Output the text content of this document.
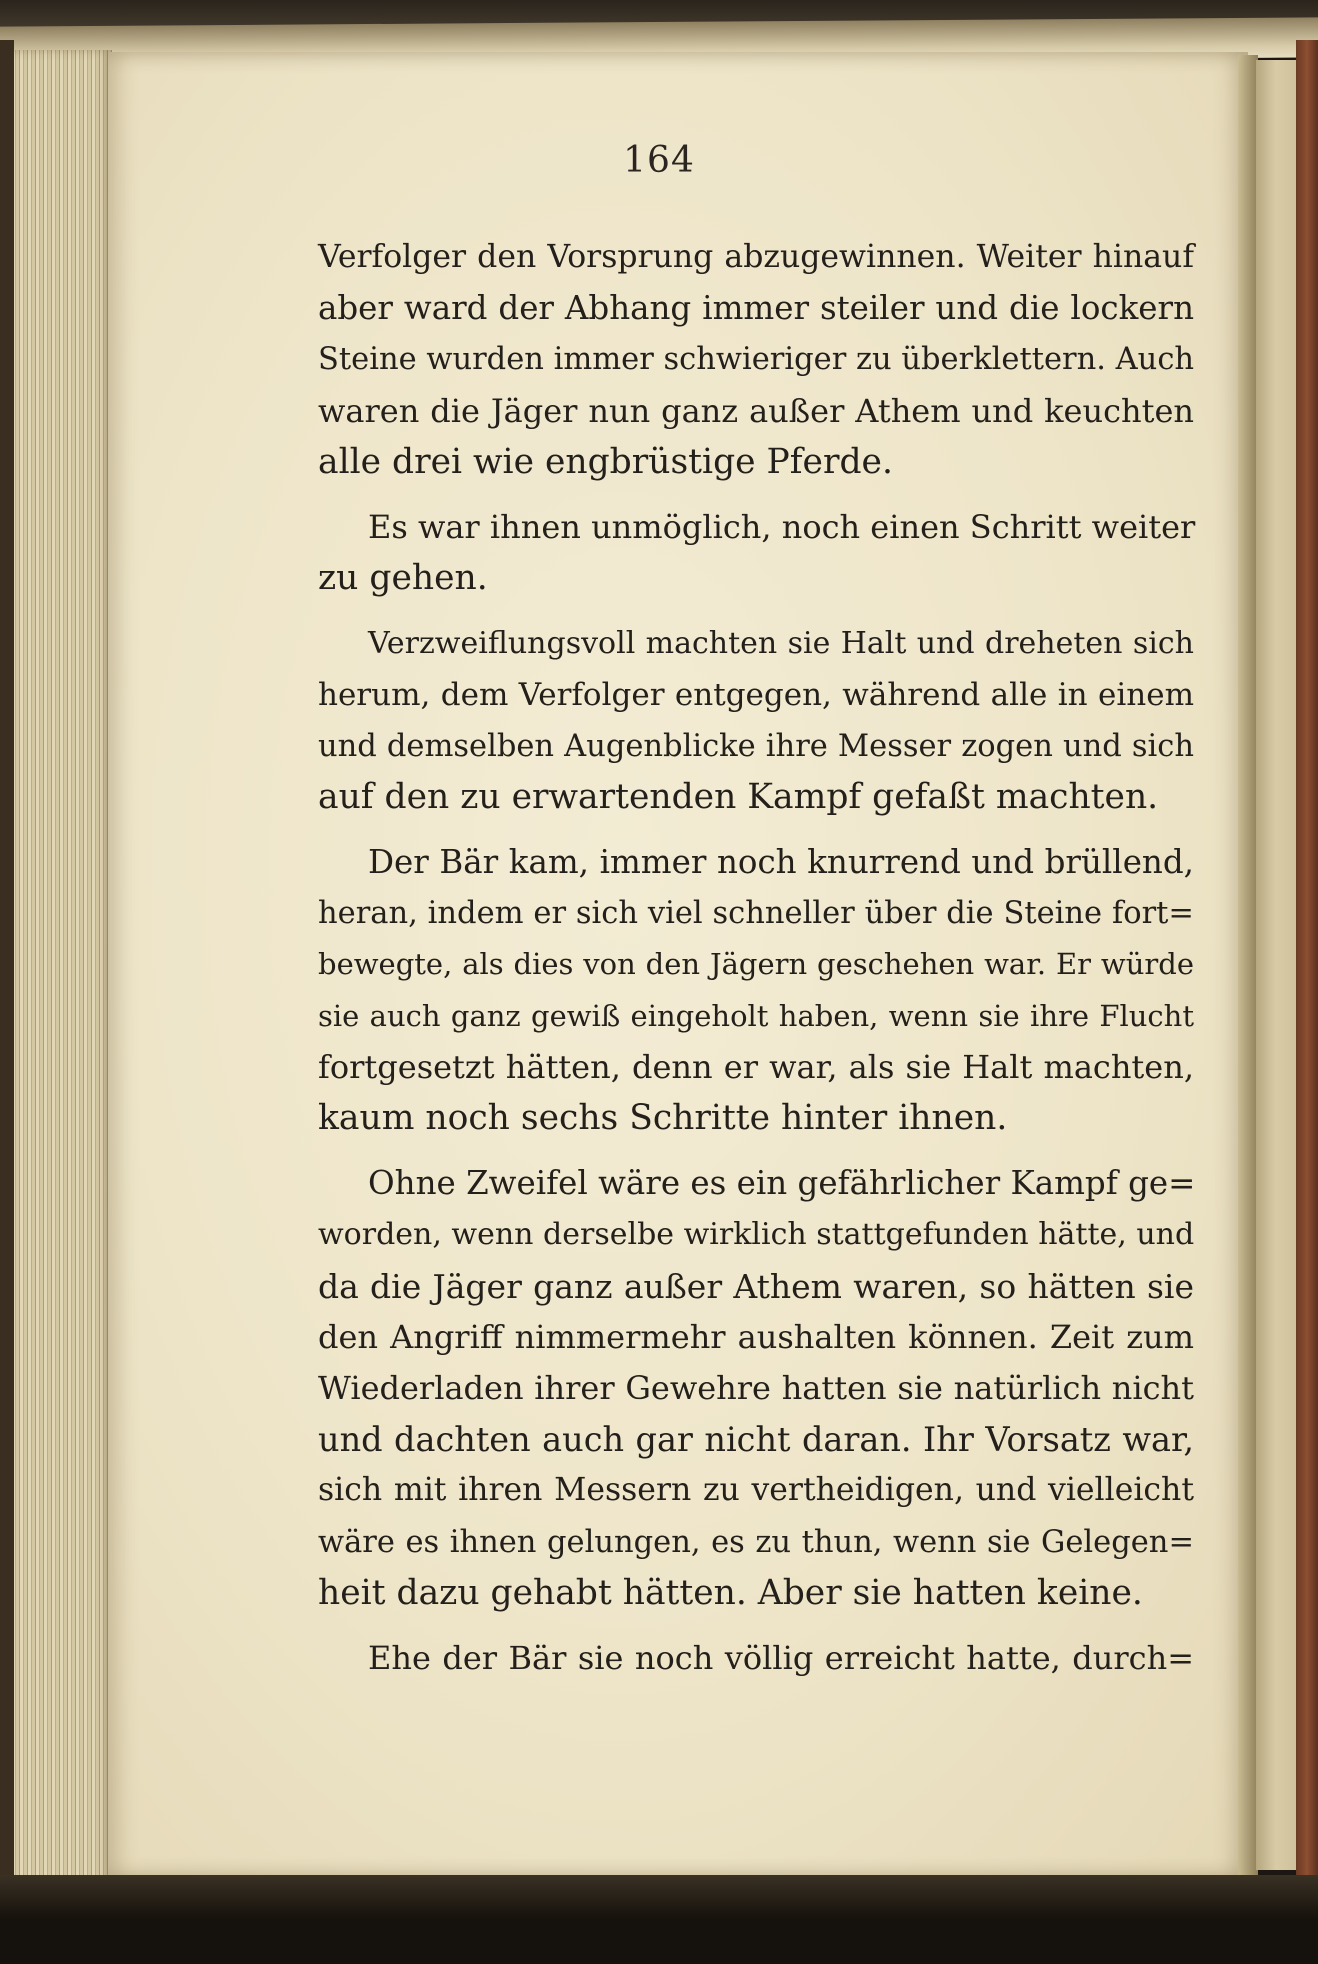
164
Verfolger den Vorsprung abzugewinnen. Weiter hinauf
aber ward der Abhang immer steiler und die lockern
Steine wurden immer schwieriger zu überklettern. Auch
waren die Jäger nun ganz außer Athem und keuchten
alle drei wie engbrüstige Pferde.
Es war ihnen unmöglich, noch einen Schritt weiter
zu gehen.
Verzweiflungsvoll machten sie Halt und dreheten sich
herum, dem Verfolger entgegen, während alle in einem
und demselben Augenblicke ihre Messer zogen und sich
auf den zu erwartenden Kampf gefaßt machten.
Der Bär kam, immer noch knurrend und brüllend,
heran, indem er sich viel schneller über die Steine fort=
bewegte, als dies von den Jägern geschehen war. Er würde
sie auch ganz gewiß eingeholt haben, wenn sie ihre Flucht
fortgesetzt hätten, denn er war, als sie Halt machten,
kaum noch sechs Schritte hinter ihnen.
Ohne Zweifel wäre es ein gefährlicher Kampf ge=
worden, wenn derselbe wirklich stattgefunden hätte, und
da die Jäger ganz außer Athem waren, so hätten sie
den Angriff nimmermehr aushalten können. Zeit zum
Wiederladen ihrer Gewehre hatten sie natürlich nicht
und dachten auch gar nicht daran. Ihr Vorsatz war,
sich mit ihren Messern zu vertheidigen, und vielleicht
wäre es ihnen gelungen, es zu thun, wenn sie Gelegen=
heit dazu gehabt hätten. Aber sie hatten keine.
Ehe der Bär sie noch völlig erreicht hatte, durch=
